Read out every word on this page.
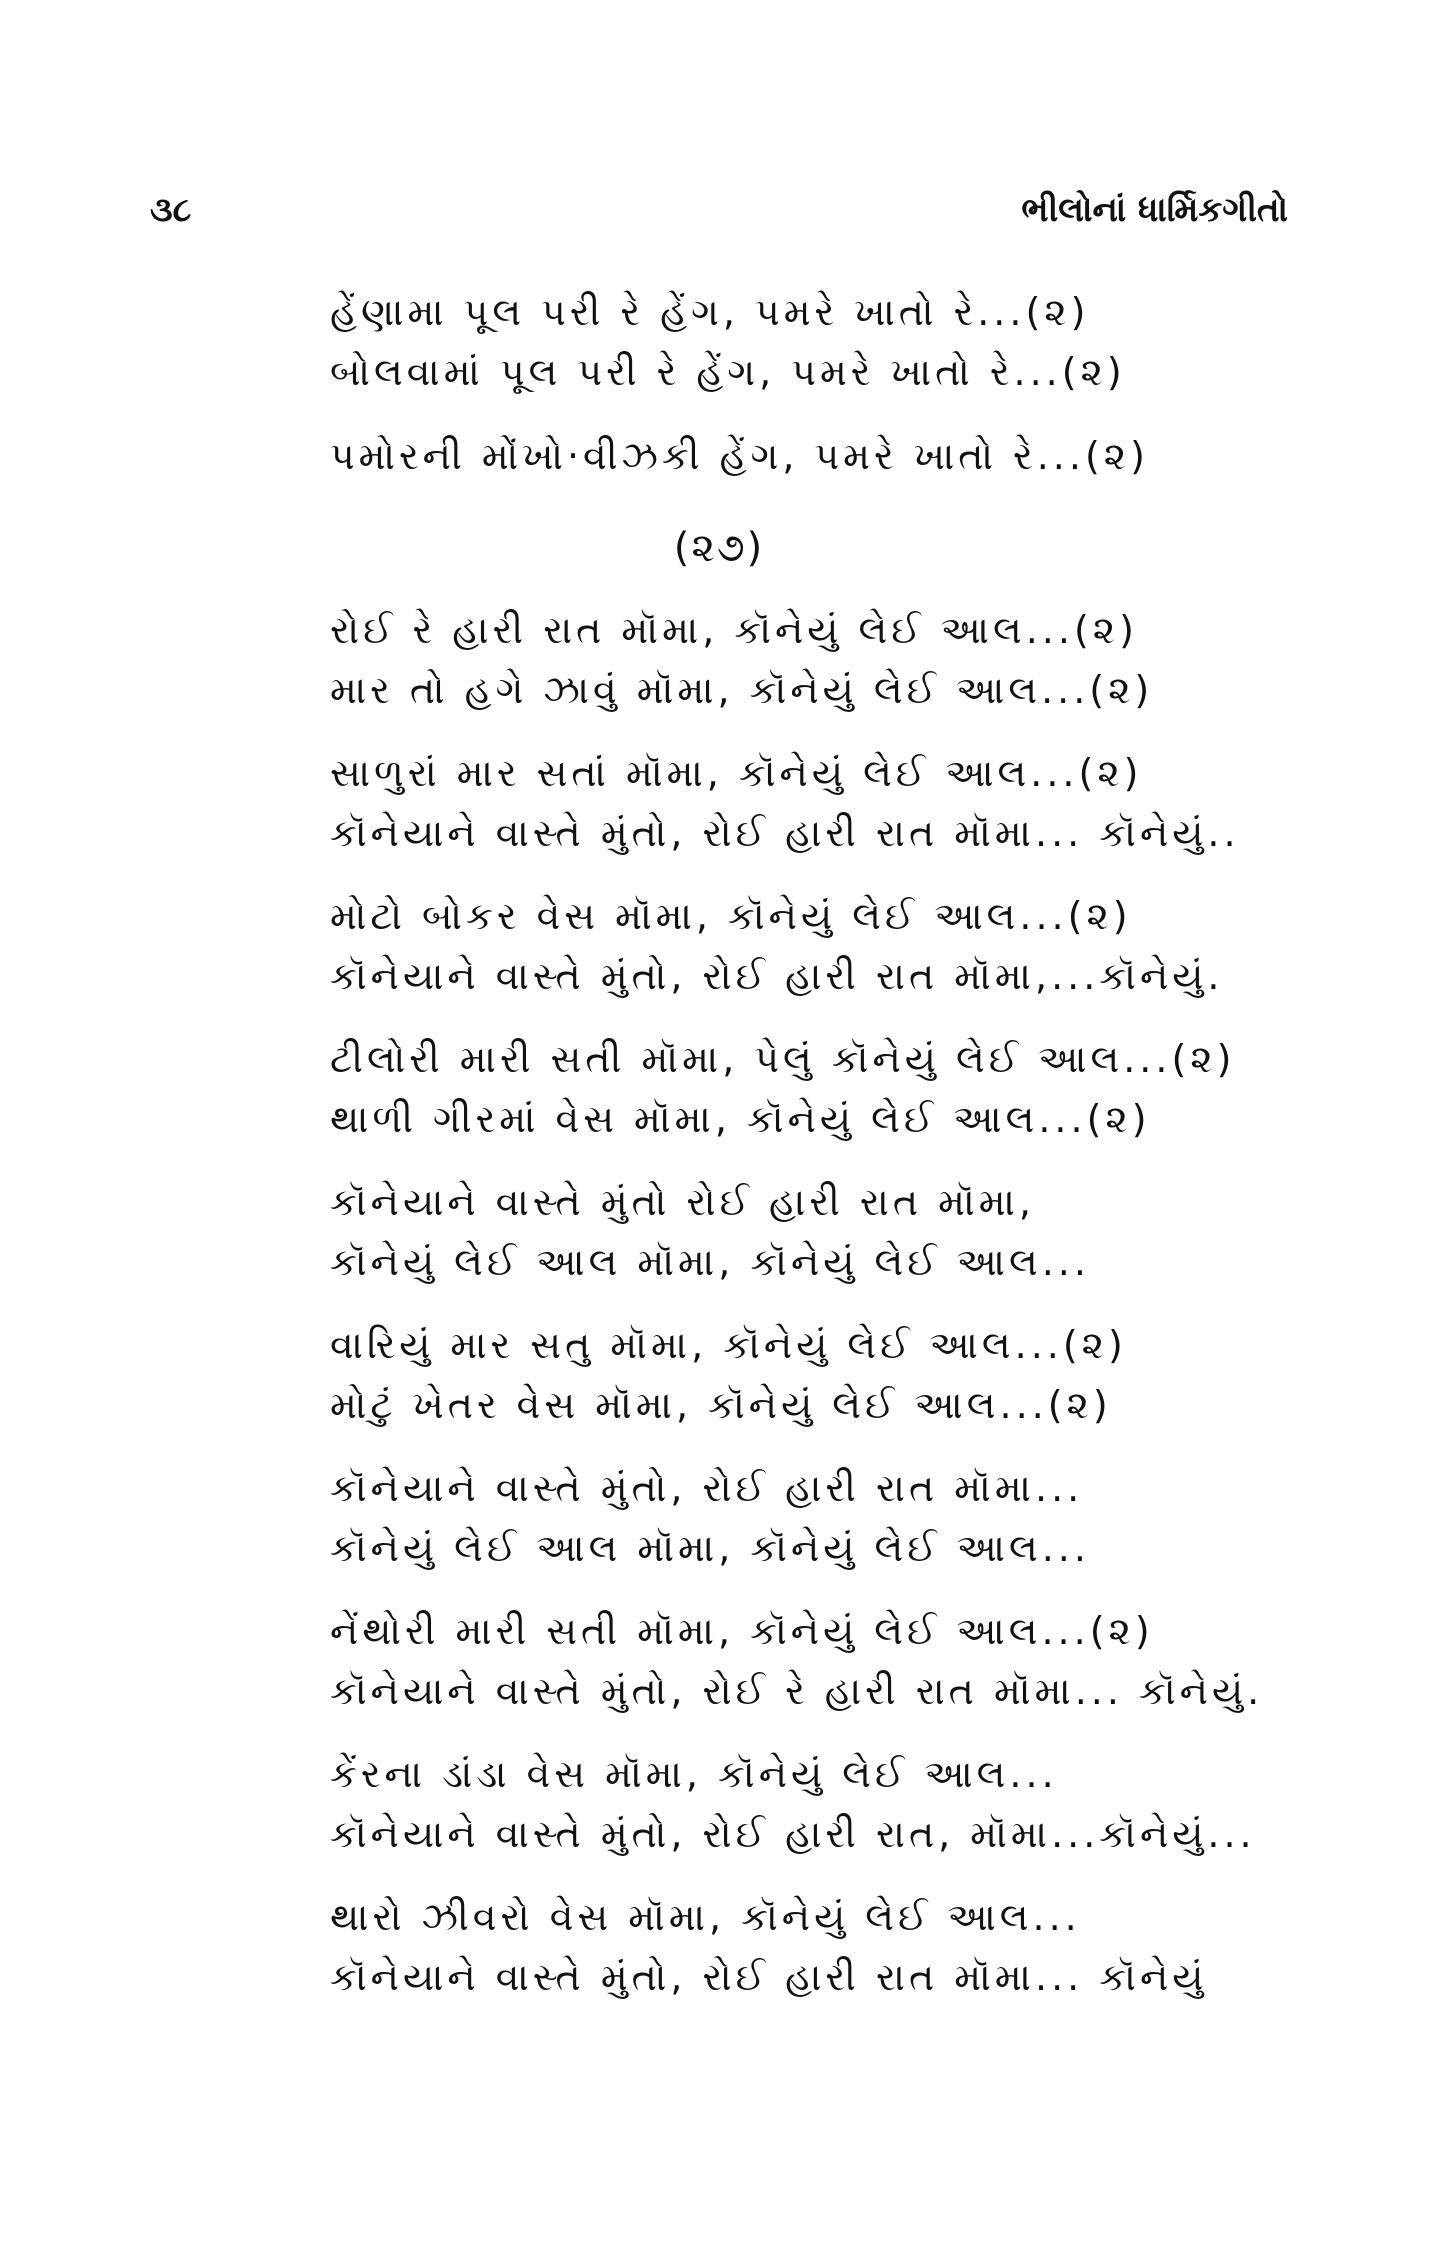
૩૮	ભીલોનાં ધાર્મિકગીતો
હેંણામા પૂલ પરી રે હેંગ, પમરે ખાતો રે...(૨)
બોલવામાં પૂલ પરી રે હેંગ, પમરે ખાતો રે...(૨)
પમોરની મોંખો·વીઝકી હેંગ, પમરે ખાતો રે...(૨)
(૨૭)
રોઈ રે હારી રાત મૉમા, કૉનેયું લેઈ આલ...(૨)
માર તો હગે ઝાવું મૉમા, કૉનેયું લેઈ આલ...(૨)
સાળુરાં માર સતાં મૉમા, કૉનેયું લેઈ આલ...(૨)
કૉનેયાને વાસ્તે મુંતો, રોઈ હારી રાત મૉમા... કૉનેયું..
મોટો બોકર વેસ મૉમા, કૉનેયું લેઈ આલ...(૨)
કૉનેયાને વાસ્તે મુંતો, રોઈ હારી રાત મૉમા,...કૉનેયું.
ટીલોરી મારી સતી મૉમા, પેલું કૉનેયું લેઈ આલ...(૨)
થાળી ગીરમાં વેસ મૉમા, કૉનેયું લેઈ આલ...(૨)
કૉનેયાને વાસ્તે મુંતો રોઈ હારી રાત મૉમા,
કૉનેયું લેઈ આલ મૉમા, કૉનેયું લેઈ આલ...
વારિયું માર સતુ મૉમા, કૉનેયું લેઈ આલ...(૨)
મોટું ખેતર વેસ મૉમા, કૉનેયું લેઈ આલ...(૨)
કૉનેયાને વાસ્તે મુંતો, રોઈ હારી રાત મૉમા...
કૉનેયું લેઈ આલ મૉમા, કૉનેયું લેઈ આલ...
નેંથોરી મારી સતી મૉમા, કૉનેયું લેઈ આલ...(૨)
કૉનેયાને વાસ્તે મુંતો, રોઈ રે હારી રાત મૉમા... કૉનેયું.
કેંરના ડાંડા વેસ મૉમા, કૉનેયું લેઈ આલ...
કૉનેયાને વાસ્તે મુંતો, રોઈ હારી રાત, મૉમા...કૉનેયું...
થારો ઝીવરો વેસ મૉમા, કૉનેયું લેઈ આલ...
કૉનેયાને વાસ્તે મુંતો, રોઈ હારી રાત મૉમા... કૉનેયું
